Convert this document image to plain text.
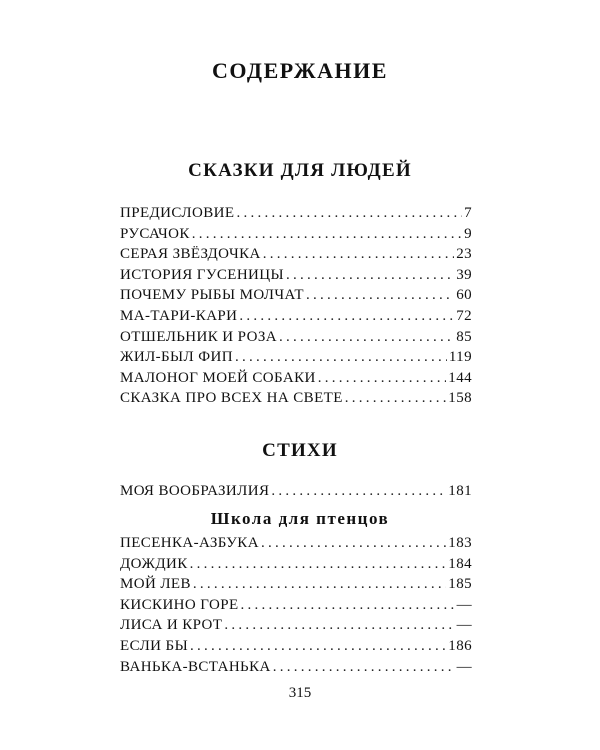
СОДЕРЖАНИЕ
СКАЗКИ ДЛЯ ЛЮДЕЙ
ПРЕДИСЛОВИЕ . . .	7
РУСАЧОК . . .	9
СЕРАЯ ЗВЁЗДОЧКА . . .	23
ИСТОРИЯ ГУСЕНИЦЫ . . .	39
ПОЧЕМУ РЫБЫ МОЛЧАТ . . .	60
МА-ТАРИ-КАРИ . . .	72
ОТШЕЛЬНИК И РОЗА . . .	85
ЖИЛ-БЫЛ ФИП . . .	119
МАЛОНОГ МОЕЙ СОБАКИ . . .	144
СКАЗКА ПРО ВСЕХ НА СВЕТЕ . . .	158
СТИХИ
МОЯ ВООБРАЗИЛИЯ . . .	181
Школа для птенцов
ПЕСЕНКА-АЗБУКА . . .	183
ДОЖДИК . . .	184
МОЙ ЛЕВ . . .	185
КИСКИНО ГОРЕ . . .	—
ЛИСА И КРОТ . . .	—
ЕСЛИ БЫ . . .	186
ВАНЬКА-ВСТАНЬКА . . .	—
315
